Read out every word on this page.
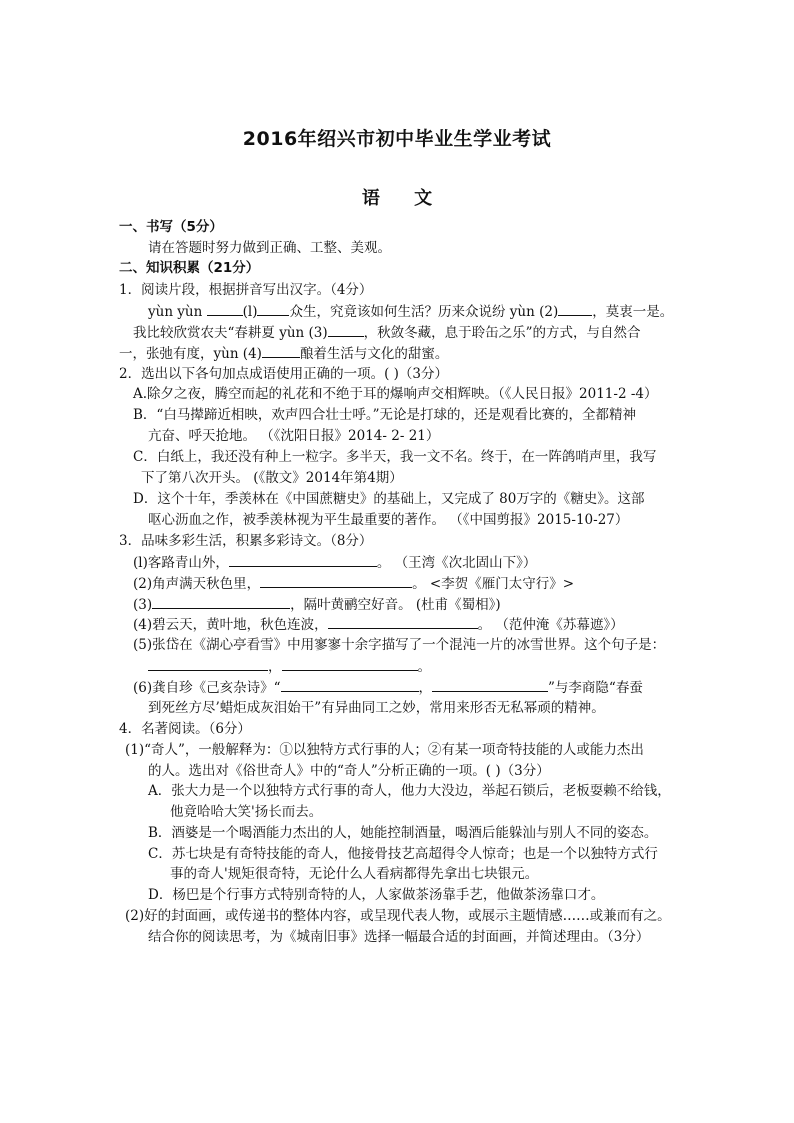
2016年绍兴市初中毕业生学业考试
语 文
一、书写（5分）
请在答题时努力做到正确、工整、美观。
二、知识积累（21分）
1．阅读片段，根据拼音写出汉字。（4分）
yùn yùn	(l) 众生，究竟该如何生活？历来众说纷 yùn (2)	，莫衷一是。
我比较欣赏农夫“春耕夏 yùn (3)	，秋敛冬藏，息于聆缶之乐”的方式，与自然合
一，张弛有度，yùn (4)	酿着生活与文化的甜蜜。
2．选出以下各句加点成语使用正确的一项。( )（3分）
A.除夕之夜，腾空而起的礼花和不绝于耳的爆响声交相辉映。（《人民日报》2011-2 -4）
B．“白马撵蹄近相映，欢声四合壮士呼。”无论是打球的，还是观看比赛的，全都精神
亢奋、呼天抢地。 （《沈阳日报》2014- 2- 21）
C．白纸上，我还没有种上一粒字。多半天，我一文不名。终于，在一阵鸽哨声里，我写
下了第八次开头。 (《散文》2014年第4期）
D．这个十年，季羡林在《中国蔗糖史》的基础上，又完成了 80万字的《糖史》。这部
呕心沥血之作，被季羡林视为平生最重要的著作。 （《中国剪报》2015-10-27）
3．品味多彩生活，积累多彩诗文。（8分）
(l)客路青山外，	。 （王湾《次北固山下》）
(2)角声满天秋色里，	。 <李贺《雁门太守行》>
(3)	，隔叶黄鹂空好音。 (杜甫《蜀相》)
(4)碧云天，黄叶地，秋色连波，	。 （范仲淹《苏幕遮》）
(5)张岱在《湖心亭看雪》中用寥寥十余字描写了一个混沌一片的冰雪世界。这个句子是：
，	。
(6)龚自珍《己亥杂诗》“	，	”与李商隐“春蚕
到死丝方尽’蜡炬成灰泪始干”有异曲同工之妙，常用来形否无私幂顽的精神。
4．名著阅读。（6分）
(1)“奇人”，一般解释为：①以独特方式行事的人；②有某一项奇特技能的人或能力杰出
的人。选出对《俗世奇人》中的“奇人”分析正确的一项。( )（3分）
A．张大力是一个以独特方式行事的奇人，他力大没边，举起石锁后，老板耍赖不给钱，
他竟哈哈大笑'扬长而去。
B．酒婆是一个喝酒能力杰出的人，她能控制酒量，喝酒后能躲汕与别人不同的姿态。
C．苏七块是有奇特技能的奇人，他接骨技艺高超得令人惊奇；也是一个以独特方式行
事的奇人'规矩很奇特，无论什么人看病都得先拿出七块银元。
D．杨巴是个行事方式特别奇特的人，人家做茶汤靠手艺，他做茶汤靠口才。
(2)好的封面画，或传递书的整体内容，或呈现代表人物，或展示主题情感……或兼而有之。
结合你的阅读思考，为《城南旧事》选择一幅最合适的封面画，并简述理由。（3分）
